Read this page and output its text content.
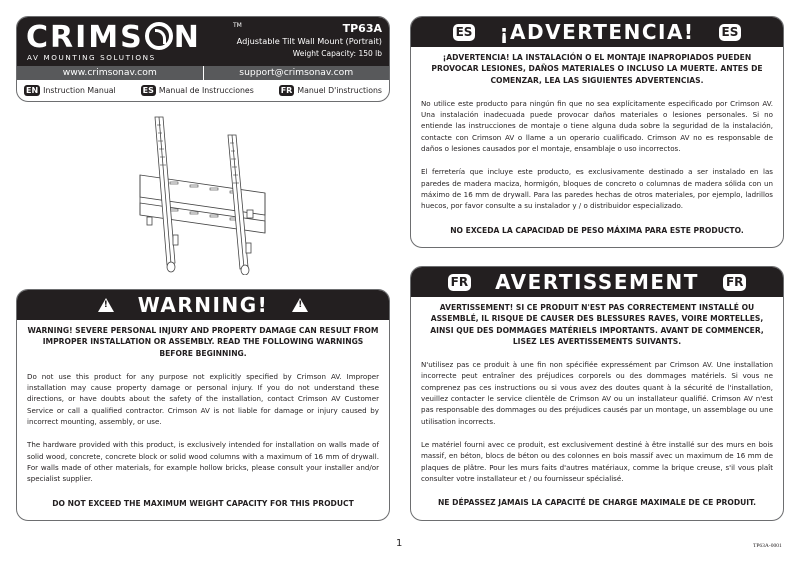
CRIMS N	TM
AV MOUNTING SOLUTIONS
TP63A
Adjustable Tilt Wall Mount (Portrait)
Weight Capacity: 150 lb
www.crimsonav.com	support@crimsonav.com
EN Instruction Manual	ES Manual de Instrucciones	FR Manuel D'instructions
!
WARNING!
!
WARNING! SEVERE PERSONAL INJURY AND PROPERTY DAMAGE CAN RESULT FROM IMPROPER INSTALLATION OR ASSEMBLY. READ THE FOLLOWING WARNINGS BEFORE BEGINNING.
Do not use this product for any purpose not explicitly specified by Crimson AV. Improper installation may cause property damage or personal injury. If you do not understand these directions, or have doubts about the safety of the installation, contact Crimson AV Customer Service or call a qualified contractor. Crimson AV is not liable for damage or injury caused by incorrect mounting, assembly, or use.
The hardware provided with this product, is exclusively intended for installation on walls made of solid wood, concrete, concrete block or solid wood columns with a maximum of 16 mm of drywall. For walls made of other materials, for example hollow bricks, please consult your installer and/or specialist supplier.
DO NOT EXCEED THE MAXIMUM WEIGHT CAPACITY FOR THIS PRODUCT
ES ¡ADVERTENCIA! ES
¡ADVERTENCIA! LA INSTALACIÓN O EL MONTAJE INAPROPIADOS PUEDEN PROVOCAR LESIONES, DAÑOS MATERIALES O INCLUSO LA MUERTE. ANTES DE COMENZAR, LEA LAS SIGUIENTES ADVERTENCIAS.
No utilice este producto para ningún fin que no sea explícitamente especificado por Crimson AV. Una instalación inadecuada puede provocar daños materiales o lesiones personales. Si no entiende las instrucciones de montaje o tiene alguna duda sobre la seguridad de la instalación, contacte con Crimson AV o llame a un operario cualificado. Crimson AV no es responsable de daños o lesiones causados por el montaje, ensamblaje o uso incorrectos.
El ferretería que incluye este producto, es exclusivamente destinado a ser instalado en las paredes de madera maciza, hormigón, bloques de concreto o columnas de madera sólida con un máximo de 16 mm de drywall. Para las paredes hechas de otros materiales, por ejemplo, ladrillos huecos, por favor consulte a su instalador y / o distribuidor especializado.
NO EXCEDA LA CAPACIDAD DE PESO MÁXIMA PARA ESTE PRODUCTO.
FR AVERTISSEMENT FR
AVERTISSEMENT! SI CE PRODUIT N'EST PAS CORRECTEMENT INSTALLÉ OU ASSEMBLÉ, IL RISQUE DE CAUSER DES BLESSURES RAVES, VOIRE MORTELLES, AINSI QUE DES DOMMAGES MATÉRIELS IMPORTANTS. AVANT DE COMMENCER, LISEZ LES AVERTISSEMENTS SUIVANTS.
N'utilisez pas ce produit à une fin non spécifiée expressément par Crimson AV. Une installation incorrecte peut entraîner des préjudices corporels ou des dommages matériels. Si vous ne comprenez pas ces instructions ou si vous avez des doutes quant à la sécurité de l'installation, veuillez contacter le service clientèle de Crimson AV ou un installateur qualifié. Crimson AV n'est pas responsable des dommages ou des préjudices causés par un montage, un assemblage ou une utilisation incorrects.
Le matériel fourni avec ce produit, est exclusivement destiné à être installé sur des murs en bois massif, en béton, blocs de béton ou des colonnes en bois massif avec un maximum de 16 mm de plaques de plâtre. Pour les murs faits d'autres matériaux, comme la brique creuse, s'il vous plaît consulter votre installateur et / ou fournisseur spécialisé.
NE DÉPASSEZ JAMAIS LA CAPACITÉ DE CHARGE MAXIMALE DE CE PRODUIT.
1	TP63A-0001
